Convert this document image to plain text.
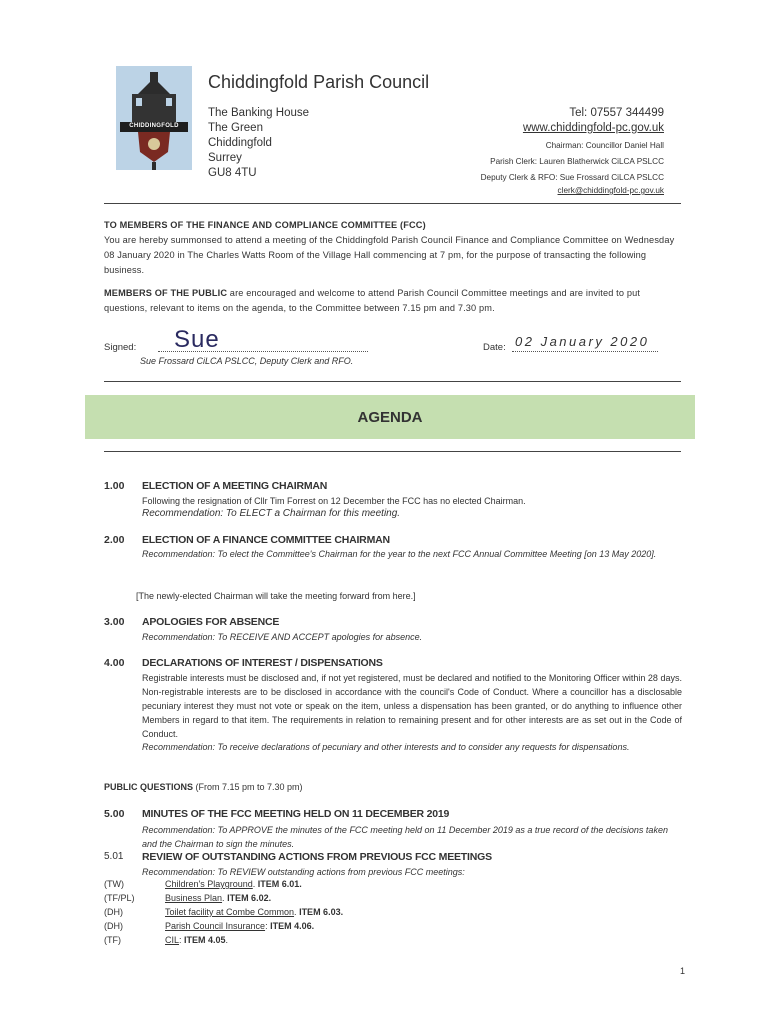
CHIDDINGFOLD
Chiddingfold Parish Council
The Banking House
The Green
Chiddingfold
Surrey
GU8 4TU
Tel: 07557 344499
www.chiddingfold-pc.gov.uk
Chairman: Councillor Daniel Hall
Parish Clerk: Lauren Blatherwick CiLCA PSLCC
Deputy Clerk & RFO: Sue Frossard CiLCA PSLCC
clerk@chiddingfold-pc.gov.uk
TO MEMBERS OF THE FINANCE AND COMPLIANCE COMMITTEE (FCC)
You are hereby summonsed to attend a meeting of the Chiddingfold Parish Council Finance and Compliance Committee on Wednesday 08 January 2020 in The Charles Watts Room of the Village Hall commencing at 7 pm, for the purpose of transacting the following business.
MEMBERS OF THE PUBLIC are encouraged and welcome to attend Parish Council Committee meetings and are invited to put questions, relevant to items on the agenda, to the Committee between 7.15 pm and 7.30 pm.
Signed: Sue
Sue Frossard CiLCA PSLCC, Deputy Clerk and RFO.
Date: 02 January 2020
AGENDA
1.00 ELECTION OF A MEETING CHAIRMAN
Following the resignation of Cllr Tim Forrest on 12 December the FCC has no elected Chairman.
Recommendation: To ELECT a Chairman for this meeting.
2.00 ELECTION OF A FINANCE COMMITTEE CHAIRMAN
Recommendation: To elect the Committee's Chairman for the year to the next FCC Annual Committee Meeting [on 13 May 2020].
[The newly-elected Chairman will take the meeting forward from here.]
3.00 APOLOGIES FOR ABSENCE
Recommendation: To RECEIVE AND ACCEPT apologies for absence.
4.00 DECLARATIONS OF INTEREST / DISPENSATIONS
Registrable interests must be disclosed and, if not yet registered, must be declared and notified to the Monitoring Officer within 28 days. Non-registrable interests are to be disclosed in accordance with the council's Code of Conduct. Where a councillor has a disclosable pecuniary interest they must not vote or speak on the item, unless a dispensation has been granted, or do anything to influence other Members in regard to that item. The requirements in relation to remaining present and for other interests are as set out in the Code of Conduct.
Recommendation: To receive declarations of pecuniary and other interests and to consider any requests for dispensations.
PUBLIC QUESTIONS (From 7.15 pm to 7.30 pm)
5.00 MINUTES OF THE FCC MEETING HELD ON 11 DECEMBER 2019
Recommendation: To APPROVE the minutes of the FCC meeting held on 11 December 2019 as a true record of the decisions taken and the Chairman to sign the minutes.
5.01 REVIEW OF OUTSTANDING ACTIONS FROM PREVIOUS FCC MEETINGS
Recommendation: To REVIEW outstanding actions from previous FCC meetings:
(TW)	Children's Playground. ITEM 6.01.
(TF/PL)	Business Plan. ITEM 6.02.
(DH)	Toilet facility at Combe Common. ITEM 6.03.
(DH)	Parish Council Insurance: ITEM 4.06.
(TF)	CIL: ITEM 4.05.
1
